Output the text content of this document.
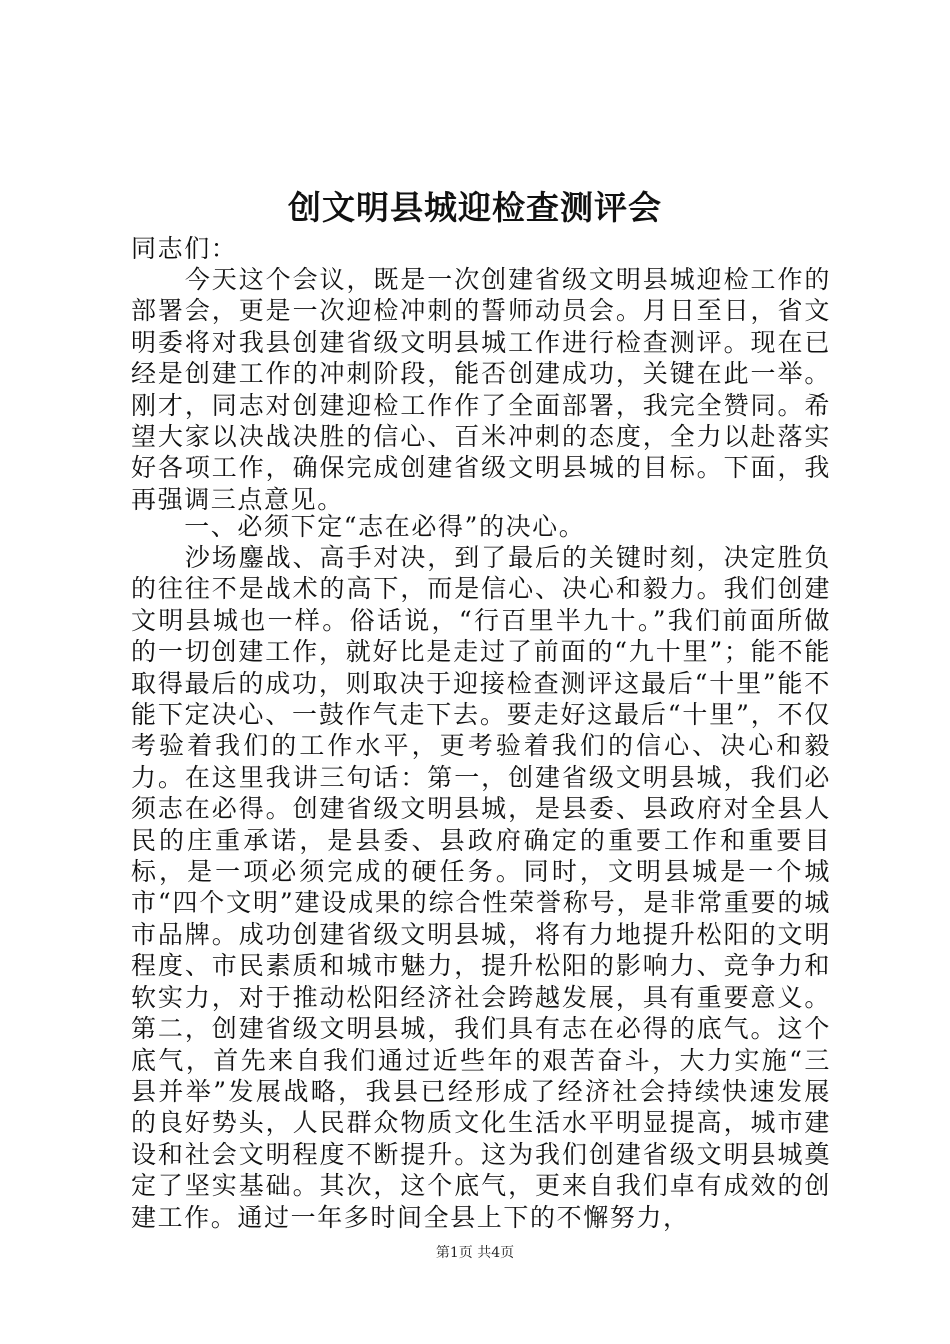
创文明县城迎检查测评会
同志们：
　　今天这个会议，既是一次创建省级文明县城迎检工作的部署会，更是一次迎检冲刺的誓师动员会。月日至日，省文明委将对我县创建省级文明县城工作进行检查测评。现在已经是创建工作的冲刺阶段，能否创建成功，关键在此一举。刚才，同志对创建迎检工作作了全面部署，我完全赞同。希望大家以决战决胜的信心、百米冲刺的态度，全力以赴落实好各项工作，确保完成创建省级文明县城的目标。下面，我再强调三点意见。
　　一、必须下定“志在必得”的决心。
　　沙场鏖战、高手对决，到了最后的关键时刻，决定胜负的往往不是战术的高下，而是信心、决心和毅力。我们创建文明县城也一样。俗话说，“行百里半九十。”我们前面所做的一切创建工作，就好比是走过了前面的“九十里”；能不能取得最后的成功，则取决于迎接检查测评这最后“十里”能不能下定决心、一鼓作气走下去。要走好这最后“十里”，不仅考验着我们的工作水平，更考验着我们的信心、决心和毅力。在这里我讲三句话：第一，创建省级文明县城，我们必须志在必得。创建省级文明县城，是县委、县政府对全县人民的庄重承诺，是县委、县政府确定的重要工作和重要目标，是一项必须完成的硬任务。同时，文明县城是一个城市“四个文明”建设成果的综合性荣誉称号，是非常重要的城市品牌。成功创建省级文明县城，将有力地提升松阳的文明程度、市民素质和城市魅力，提升松阳的影响力、竞争力和软实力，对于推动松阳经济社会跨越发展，具有重要意义。第二，创建省级文明县城，我们具有志在必得的底气。这个底气，首先来自我们通过近些年的艰苦奋斗，大力实施“三县并举”发展战略，我县已经形成了经济社会持续快速发展的良好势头，人民群众物质文化生活水平明显提高，城市建设和社会文明程度不断提升。这为我们创建省级文明县城奠定了坚实基础。其次，这个底气，更来自我们卓有成效的创建工作。通过一年多时间全县上下的不懈努力，
第1页 共4页
